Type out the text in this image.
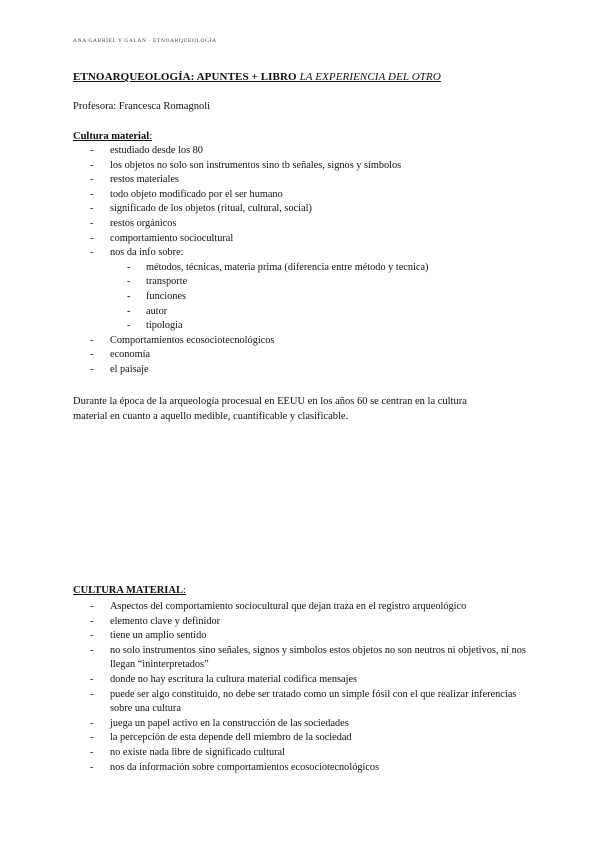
ANA GABRIEL Y GALÁN · ETNOARQUEOLOGÍA
ETNOARQUEOLOGÍA: APUNTES + LIBRO LA EXPERIENCIA DEL OTRO
Profesora: Francesca Romagnoli
Cultura material:
-	estudiado desde los 80
-	los objetos no solo son instrumentos sino tb señales, signos y símbolos
-	restos materiales
-	todo objeto modificado por el ser humano
-	significado de los objetos (ritual, cultural, social)
-	restos orgánicos
-	comportamiento sociocultural
-	nos da info sobre:
-	métodos, técnicas, materia prima (diferencia entre método y tecnica)
-	transporte
-	funciones
-	autor
-	tipologia
-	Comportamientos ecosociotecnológicos
-	economía
-	el paisaje
Durante la época de la arqueología procesual en EEUU en los años 60 se centran en la cultura material en cuanto a aquello medible, cuantificable y clasificable.
CULTURA MATERIAL:
-	Aspectos del comportamiento sociocultural que dejan traza en el registro arqueológico
-	elemento clave y definidor
-	tiene un amplio sentido
-	no solo instrumentos sino señales, signos y símbolos estos objetos no son neutros ni objetivos, ni nos llegan “ininterpretados”
-	donde no hay escritura la cultura material codifica mensajes
-	puede ser algo constituido, no debe ser tratado como un simple fósil con el que realizar inferencias sobre una cultura
-	juega un papel activo en la construcción de las sociedades
-	la percepción de esta depende dell miembro de la sociedad
-	no existe nada libre de significado cultural
-	nos da información sobre comportamientos ecosociotecnológicos
